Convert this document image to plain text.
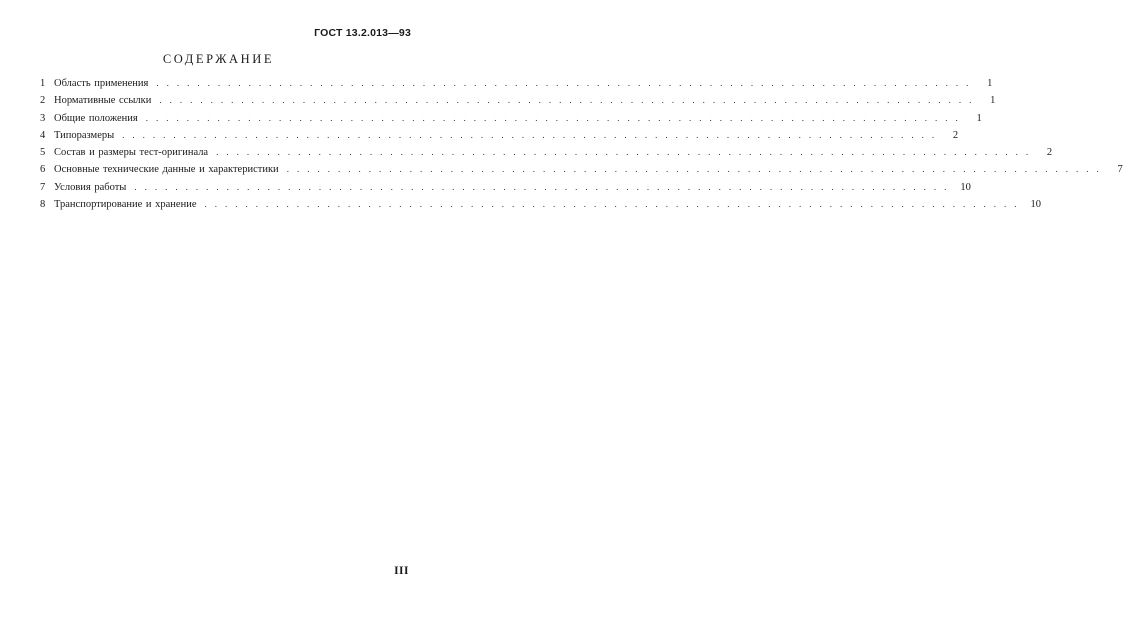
ГОСТ 13.2.013—93
СОДЕРЖАНИЕ
1 Область применения ................................................................................	1
2 Нормативные ссылки ................................................................................	1
3 Общие положения ................................................................................	1
4 Типоразмеры ................................................................................	2
5 Состав и размеры тест-оригинала ................................................................................	2
6 Основные технические данные и характеристики ................................................................................	7
7 Условия работы ................................................................................ 10
8 Транспортирование и хранение ................................................................................ 10
III
